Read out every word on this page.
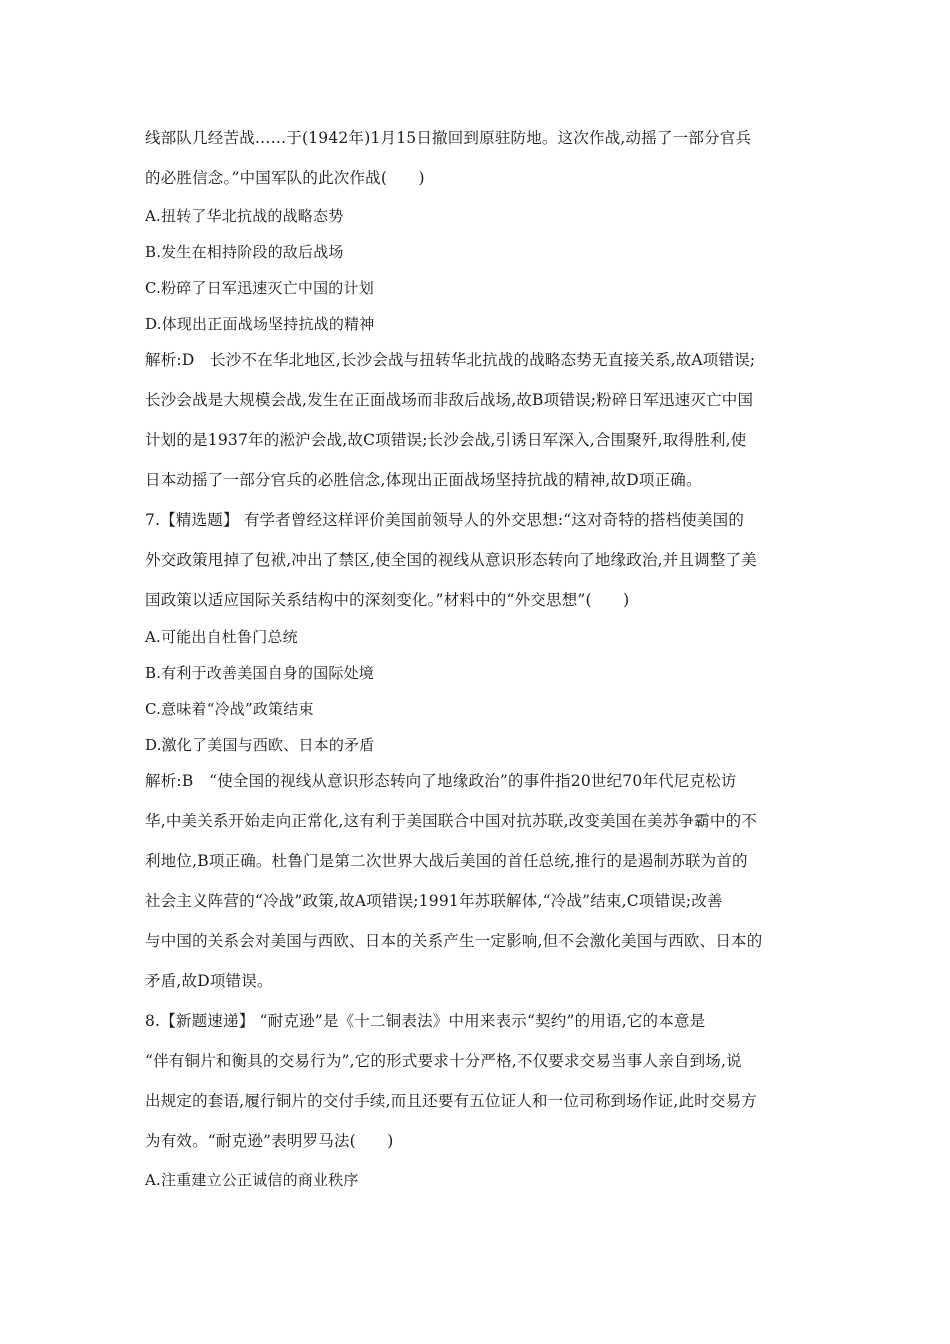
线部队几经苦战……于(1942年)1月15日撤回到原驻防地。这次作战,动摇了一部分官兵
的必胜信念。”中国军队的此次作战(　　)
A.扭转了华北抗战的战略态势
B.发生在相持阶段的敌后战场
C.粉碎了日军迅速灭亡中国的计划
D.体现出正面战场坚持抗战的精神
解析:D　长沙不在华北地区,长沙会战与扭转华北抗战的战略态势无直接关系,故A项错误;
长沙会战是大规模会战,发生在正面战场而非敌后战场,故B项错误;粉碎日军迅速灭亡中国
计划的是1937年的淞沪会战,故C项错误;长沙会战,引诱日军深入,合围聚歼,取得胜利,使
日本动摇了一部分官兵的必胜信念,体现出正面战场坚持抗战的精神,故D项正确。
7.【精选题】 有学者曾经这样评价美国前领导人的外交思想:“这对奇特的搭档使美国的
外交政策甩掉了包袱,冲出了禁区,使全国的视线从意识形态转向了地缘政治,并且调整了美
国政策以适应国际关系结构中的深刻变化。”材料中的“外交思想”(　　)
A.可能出自杜鲁门总统
B.有利于改善美国自身的国际处境
C.意味着“冷战”政策结束
D.激化了美国与西欧、日本的矛盾
解析:B　“使全国的视线从意识形态转向了地缘政治”的事件指20世纪70年代尼克松访
华,中美关系开始走向正常化,这有利于美国联合中国对抗苏联,改变美国在美苏争霸中的不
利地位,B项正确。杜鲁门是第二次世界大战后美国的首任总统,推行的是遏制苏联为首的
社会主义阵营的“冷战”政策,故A项错误;1991年苏联解体,“冷战”结束,C项错误;改善
与中国的关系会对美国与西欧、日本的关系产生一定影响,但不会激化美国与西欧、日本的
矛盾,故D项错误。
8.【新题速递】 “耐克逊”是《十二铜表法》中用来表示“契约”的用语,它的本意是
“伴有铜片和衡具的交易行为”,它的形式要求十分严格,不仅要求交易当事人亲自到场,说
出规定的套语,履行铜片的交付手续,而且还要有五位证人和一位司称到场作证,此时交易方
为有效。“耐克逊”表明罗马法(　　)
A.注重建立公正诚信的商业秩序
